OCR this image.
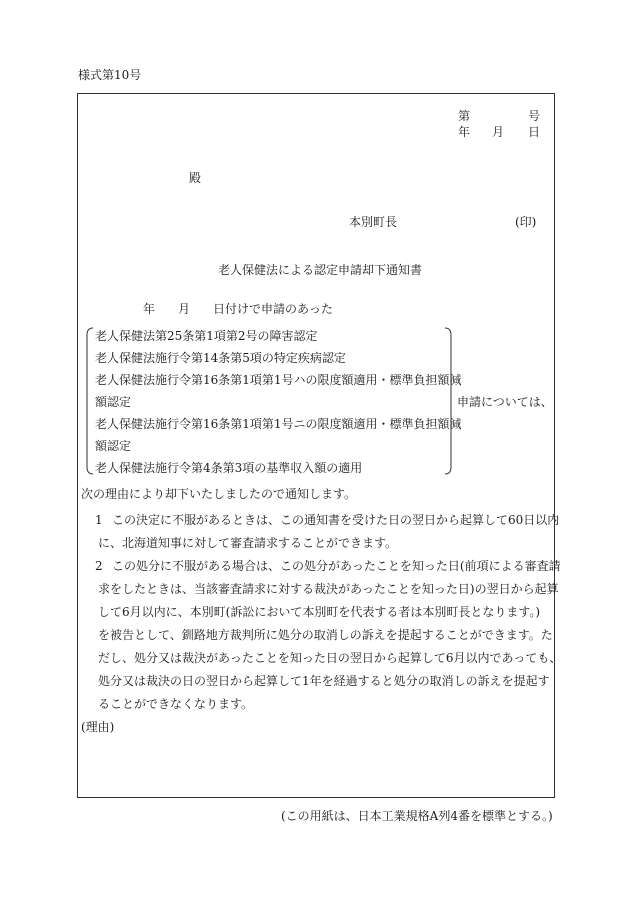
様式第10号
第	号
年 月 日
殿
本別町長	(印)
老人保健法による認定申請却下通知書
年 月 日付けで申請のあった
老人保健法第25条第1項第2号の障害認定
老人保健法施行令第14条第5項の特定疾病認定
老人保健法施行令第16条第1項第1号ハの限度額適用・標準負担額減
額認定
老人保健法施行令第16条第1項第1号ニの限度額適用・標準負担額減
額認定
老人保健法施行令第4条第3項の基準収入額の適用
申請については、
次の理由により却下いたしましたので通知します。
1 この決定に不服があるときは、この通知書を受けた日の翌日から起算して60日以内
に、北海道知事に対して審査請求することができます。
2 この処分に不服がある場合は、この処分があったことを知った日(前項による審査請
求をしたときは、当該審査請求に対する裁決があったことを知った日)の翌日から起算
して6月以内に、本別町(訴訟において本別町を代表する者は本別町長となります。)
を被告として、釧路地方裁判所に処分の取消しの訴えを提起することができます。た
だし、処分又は裁決があったことを知った日の翌日から起算して6月以内であっても、
処分又は裁決の日の翌日から起算して1年を経過すると処分の取消しの訴えを提起す
ることができなくなります。
(理由)
(この用紙は、日本工業規格A列4番を標準とする。)
